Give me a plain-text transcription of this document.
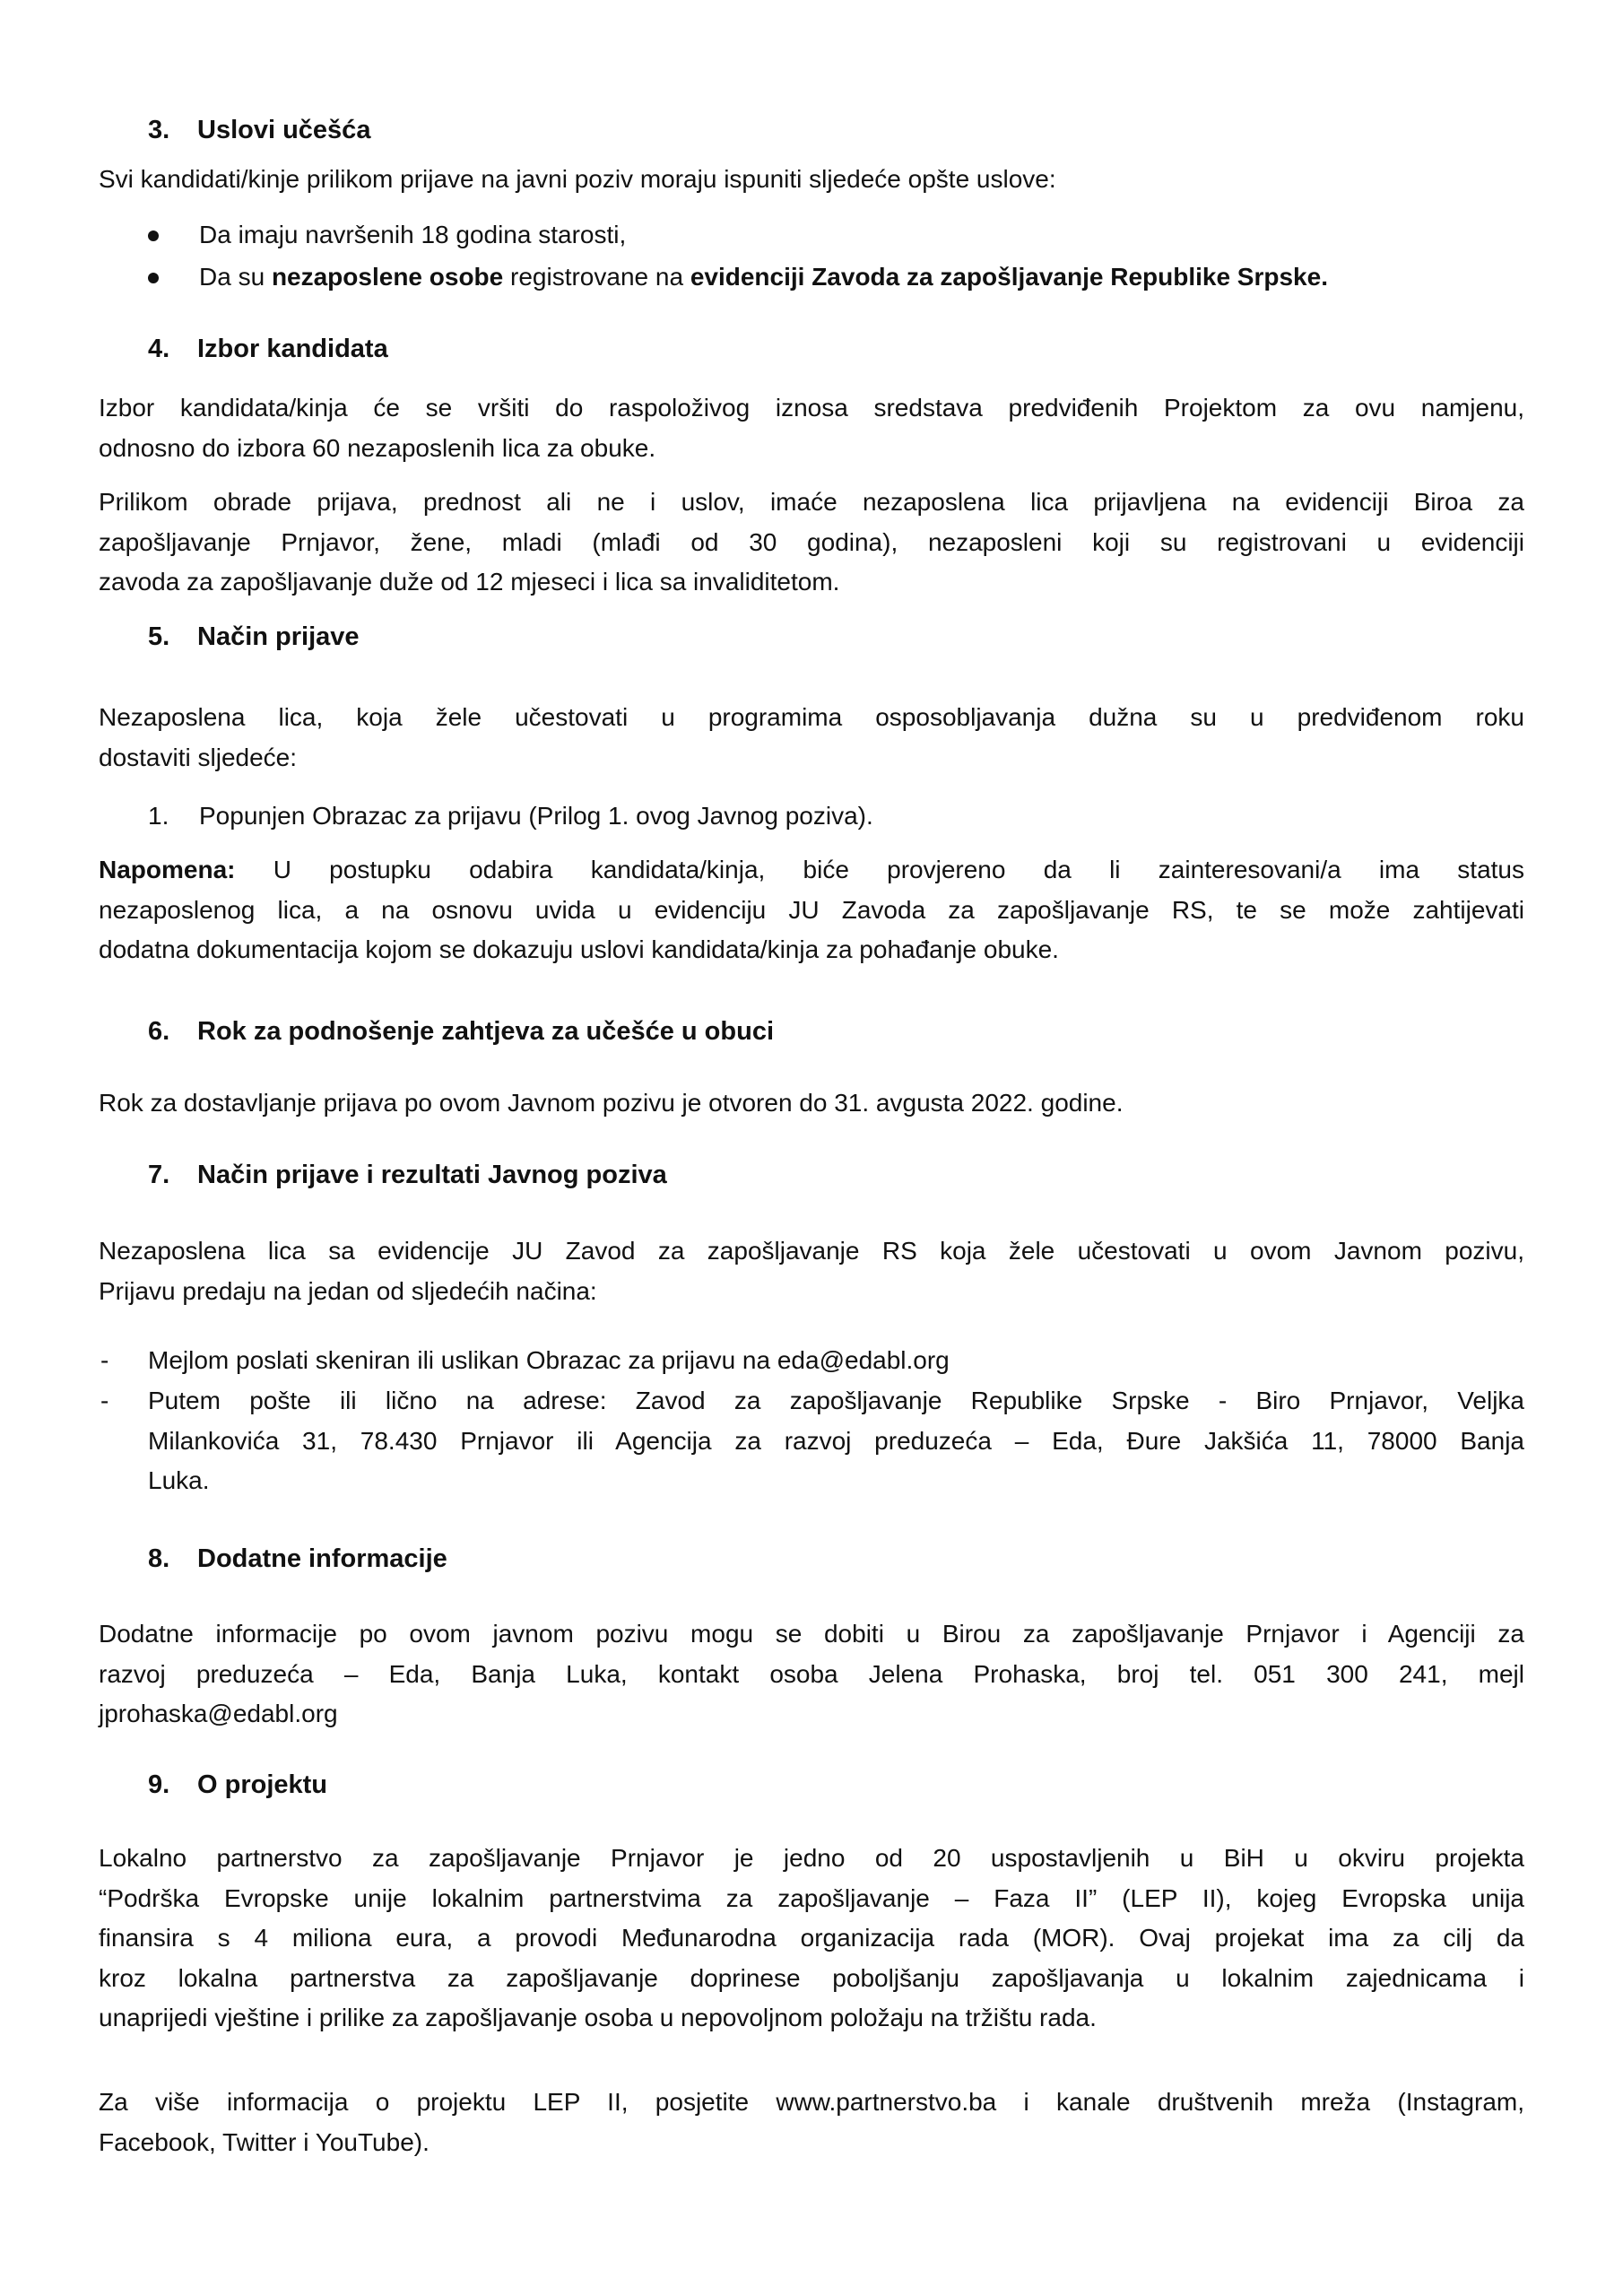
3. Uslovi učešća
Svi kandidati/kinje prilikom prijave na javni poziv moraju ispuniti sljedeće opšte uslove:
Da imaju navršenih 18 godina starosti,
Da su nezaposlene osobe registrovane na evidenciji Zavoda za zapošljavanje Republike Srpske.
4. Izbor kandidata
Izbor kandidata/kinja će se vršiti do raspoloživog iznosa sredstava predviđenih Projektom za ovu namjenu,
odnosno do izbora 60 nezaposlenih lica za obuke.
Prilikom obrade prijava, prednost ali ne i uslov, imaće nezaposlena lica prijavljena na evidenciji Biroa za
zapošljavanje Prnjavor, žene, mladi (mlađi od 30 godina), nezaposleni koji su registrovani u evidenciji
zavoda za zapošljavanje duže od 12 mjeseci i lica sa invaliditetom.
5. Način prijave
Nezaposlena lica, koja žele učestovati u programima osposobljavanja dužna su u predviđenom roku
dostaviti sljedeće:
1. Popunjen Obrazac za prijavu (Prilog 1. ovog Javnog poziva).
Napomena: U postupku odabira kandidata/kinja, biće provjereno da li zainteresovani/a ima status
nezaposlenog lica, a na osnovu uvida u evidenciju JU Zavoda za zapošljavanje RS, te se može zahtijevati
dodatna dokumentacija kojom se dokazuju uslovi kandidata/kinja za pohađanje obuke.
6. Rok za podnošenje zahtjeva za učešće u obuci
Rok za dostavljanje prijava po ovom Javnom pozivu je otvoren do 31. avgusta 2022. godine.
7. Način prijave i rezultati Javnog poziva
Nezaposlena lica sa evidencije JU Zavod za zapošljavanje RS koja žele učestovati u ovom Javnom pozivu,
Prijavu predaju na jedan od sljedećih načina:
- Mejlom poslati skeniran ili uslikan Obrazac za prijavu na eda@edabl.org
- Putem pošte ili lično na adrese: Zavod za zapošljavanje Republike Srpske - Biro Prnjavor, Veljka
Milankovića 31, 78.430 Prnjavor ili Agencija za razvoj preduzeća – Eda, Đure Jakšića 11, 78000 Banja
Luka.
8. Dodatne informacije
Dodatne informacije po ovom javnom pozivu mogu se dobiti u Birou za zapošljavanje Prnjavor i Agenciji za
razvoj preduzeća – Eda, Banja Luka, kontakt osoba Jelena Prohaska, broj tel. 051 300 241, mejl
jprohaska@edabl.org
9. O projektu
Lokalno partnerstvo za zapošljavanje Prnjavor je jedno od 20 uspostavljenih u BiH u okviru projekta
“Podrška Evropske unije lokalnim partnerstvima za zapošljavanje – Faza II” (LEP II), kojeg Evropska unija
finansira s 4 miliona eura, a provodi Međunarodna organizacija rada (MOR). Ovaj projekat ima za cilj da
kroz lokalna partnerstva za zapošljavanje doprinese poboljšanju zapošljavanja u lokalnim zajednicama i
unaprijedi vještine i prilike za zapošljavanje osoba u nepovoljnom položaju na tržištu rada.
Za više informacija o projektu LEP II, posjetite www.partnerstvo.ba i kanale društvenih mreža (Instagram,
Facebook, Twitter i YouTube).
